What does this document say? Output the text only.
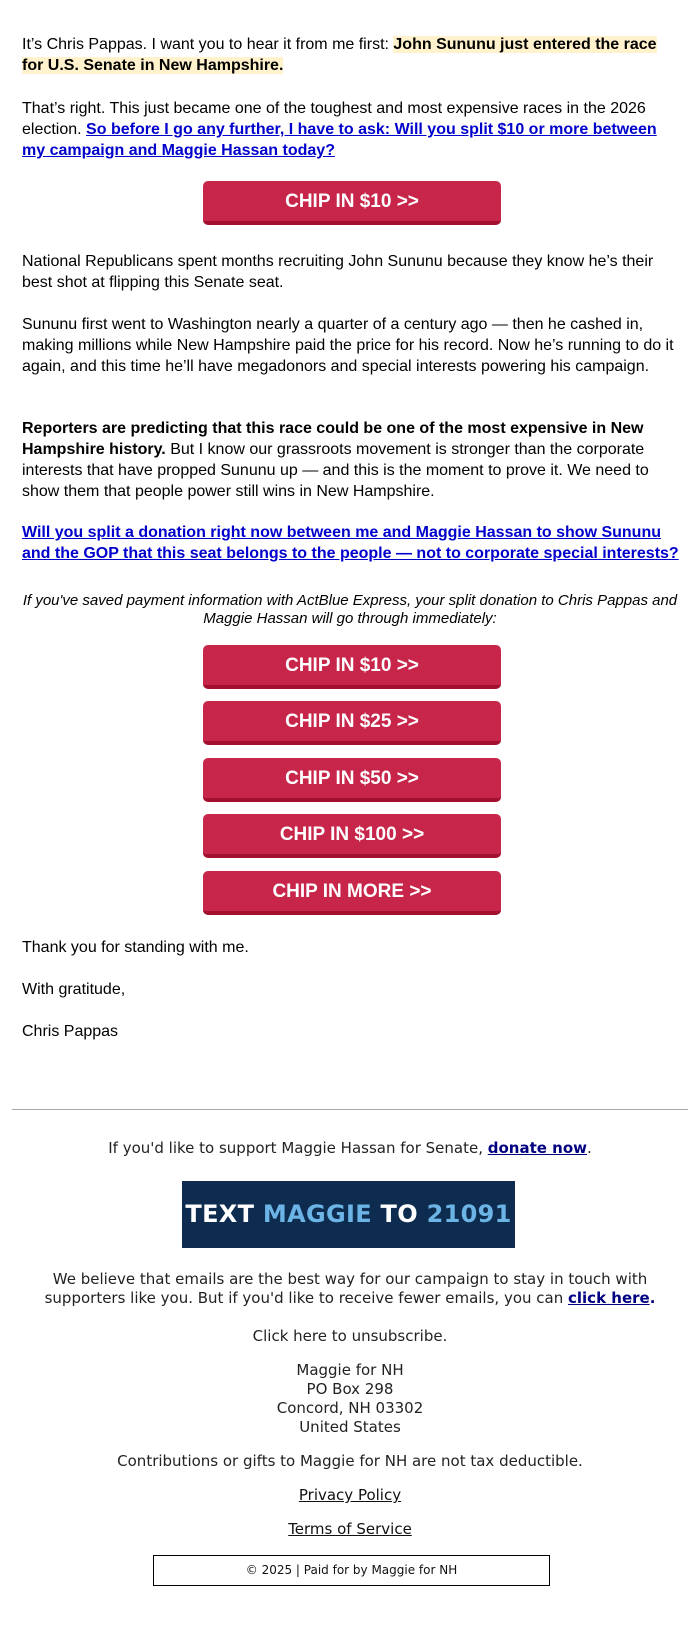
It’s Chris Pappas. I want you to hear it from me first: John Sununu just entered the race for U.S. Senate in New Hampshire.

That’s right. This just became one of the toughest and most expensive races in the 2026 election. So before I go any further, I have to ask: Will you split $10 or more between my campaign and Maggie Hassan today?

CHIP IN $10 >>

National Republicans spent months recruiting John Sununu because they know he’s their best shot at flipping this Senate seat.

Sununu first went to Washington nearly a quarter of a century ago — then he cashed in, making millions while New Hampshire paid the price for his record. Now he’s running to do it again, and this time he’ll have megadonors and special interests powering his campaign.

Reporters are predicting that this race could be one of the most expensive in New Hampshire history. But I know our grassroots movement is stronger than the corporate interests that have propped Sununu up — and this is the moment to prove it. We need to show them that people power still wins in New Hampshire.

Will you split a donation right now between me and Maggie Hassan to show Sununu and the GOP that this seat belongs to the people — not to corporate special interests?

If you've saved payment information with ActBlue Express, your split donation to Chris Pappas and Maggie Hassan will go through immediately:

CHIP IN $10 >>
CHIP IN $25 >>
CHIP IN $50 >>
CHIP IN $100 >>
CHIP IN MORE >>

Thank you for standing with me.

With gratitude,

Chris Pappas

If you'd like to support Maggie Hassan for Senate, donate now.

TEXT MAGGIE TO 21091

We believe that emails are the best way for our campaign to stay in touch with supporters like you. But if you'd like to receive fewer emails, you can click here.

Click here to unsubscribe.

Maggie for NH
PO Box 298
Concord, NH 03302
United States

Contributions or gifts to Maggie for NH are not tax deductible.

Privacy Policy

Terms of Service

© 2025 | Paid for by Maggie for NH
